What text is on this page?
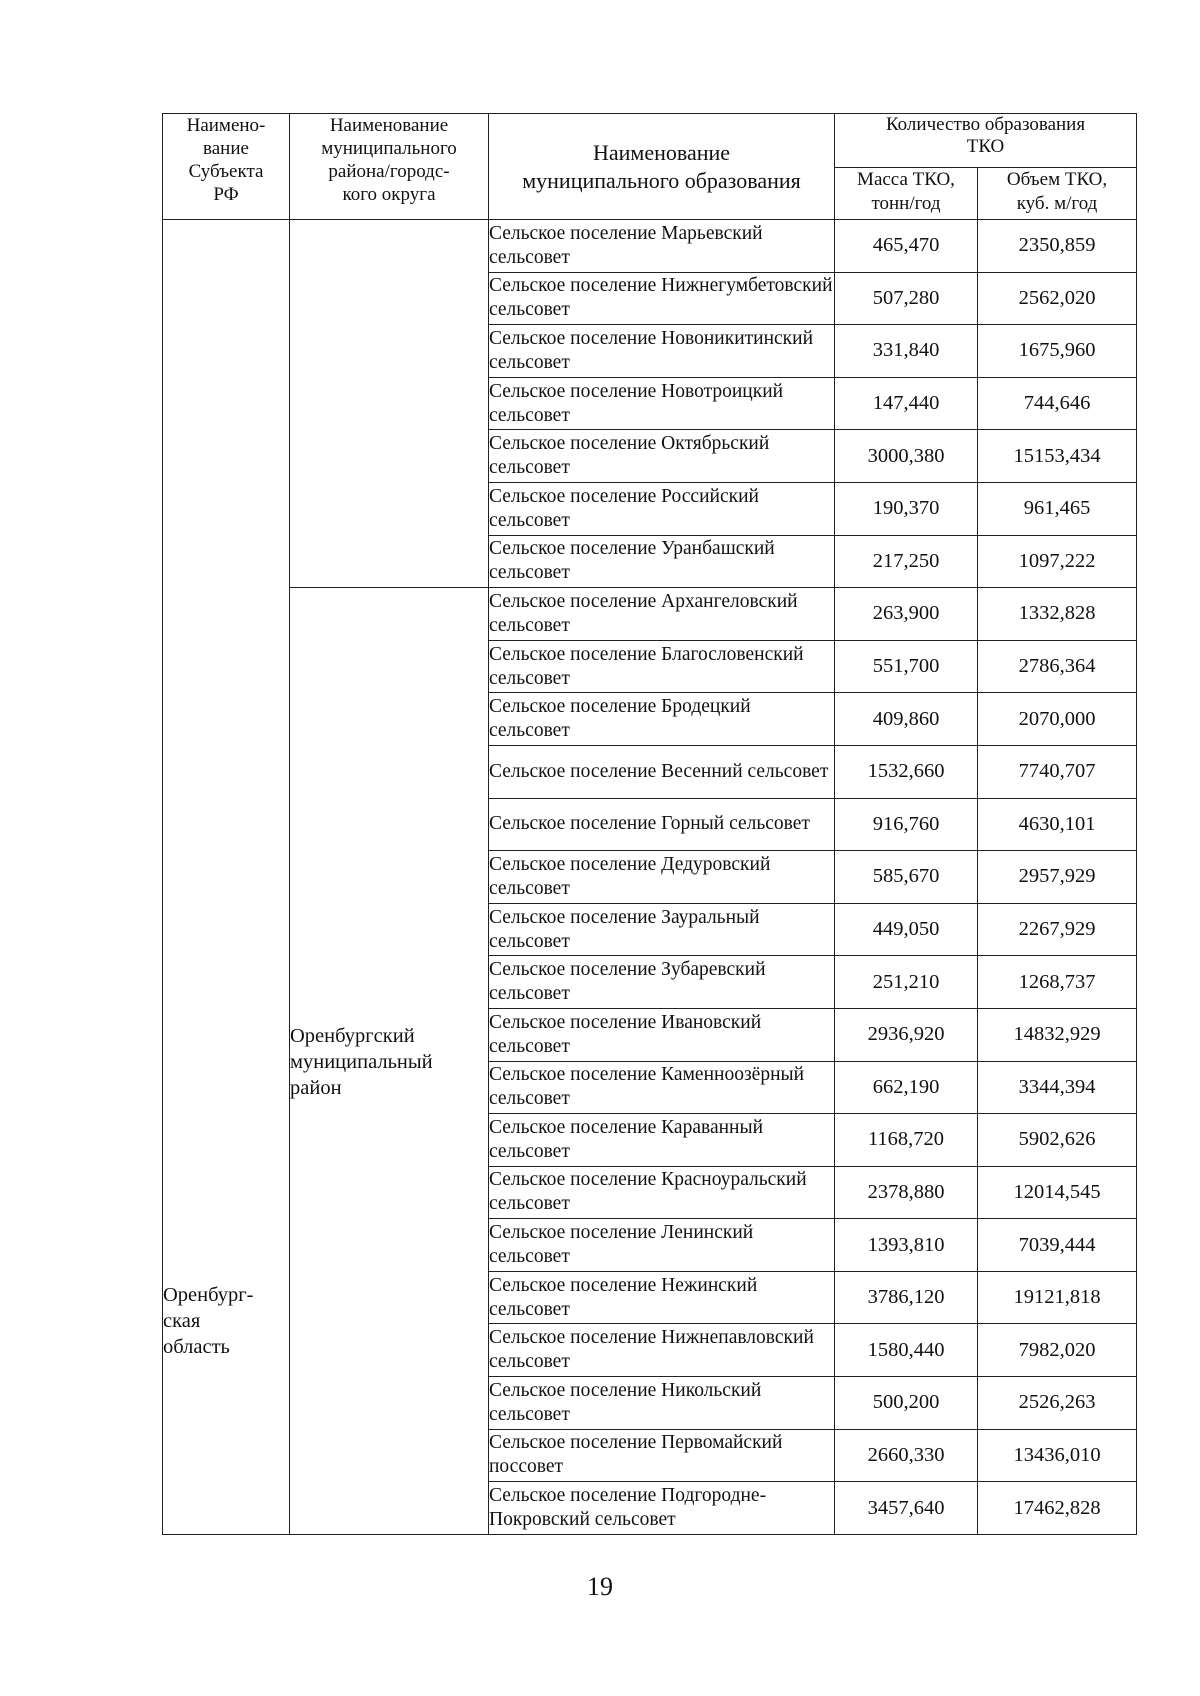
Наимено-
вание
Субъекта
РФ	Наименование
муниципального
района/городс-
кого округа	Наименование
муниципального образования	Количество образования
ТКО	
			Масса ТКО,
тонн/год	Объем ТКО,
куб. м/год

Оренбург-
ская
область		Сельское поселение Марьевский сельсовет	465,470	2350,859
		Сельское поселение Нижнегумбетовский сельсовет	507,280	2562,020
		Сельское поселение Новоникитинский сельсовет	331,840	1675,960
		Сельское поселение Новотроицкий сельсовет	147,440	744,646
		Сельское поселение Октябрьский сельсовет	3000,380	15153,434
		Сельское поселение Российский сельсовет	190,370	961,465
		Сельское поселение Уранбашский сельсовет	217,250	1097,222

	Оренбургский
муниципальный
район	Сельское поселение Архангеловский сельсовет	263,900	1332,828
		Сельское поселение Благословенский сельсовет	551,700	2786,364
		Сельское поселение Бродецкий сельсовет	409,860	2070,000
		Сельское поселение Весенний сельсовет	1532,660	7740,707
		Сельское поселение Горный сельсовет	916,760	4630,101
		Сельское поселение Дедуровский сельсовет	585,670	2957,929
		Сельское поселение Зауральный сельсовет	449,050	2267,929
		Сельское поселение Зубаревский сельсовет	251,210	1268,737
		Сельское поселение Ивановский сельсовет	2936,920	14832,929
		Сельское поселение Каменноозёрный сельсовет	662,190	3344,394
		Сельское поселение Караванный сельсовет	1168,720	5902,626
		Сельское поселение Красноуральский сельсовет	2378,880	12014,545
		Сельское поселение Ленинский сельсовет	1393,810	7039,444
		Сельское поселение Нежинский сельсовет	3786,120	19121,818
		Сельское поселение Нижнепавловский сельсовет	1580,440	7982,020
		Сельское поселение Никольский сельсовет	500,200	2526,263
		Сельское поселение Первомайский поссовет	2660,330	13436,010
		Сельское поселение Подгородне-Покровский сельсовет	3457,640	17462,828
19
